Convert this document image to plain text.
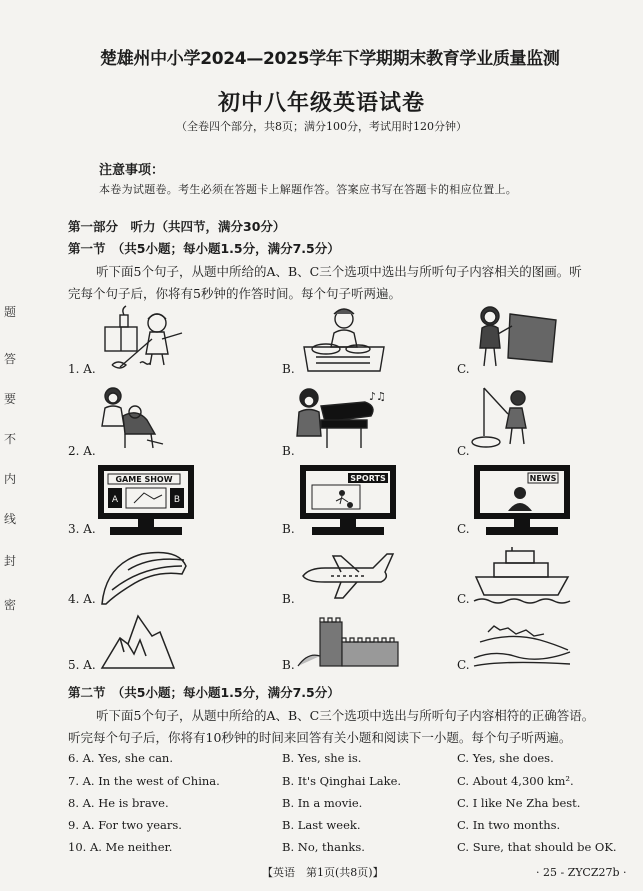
楚雄州中小学2024—2025学年下学期期末教育学业质量监测
初中八年级英语试卷
（全卷四个部分，共8页；满分100分，考试用时120分钟）
注意事项：
本卷为试题卷。考生必须在答题卡上解题作答。答案应书写在答题卡的相应位置上。
第一部分　听力（共四节，满分30分）
第一节　（共5小题；每小题1.5分，满分7.5分）
听下面5个句子，从题中所给的A、B、C三个选项中选出与所听句子内容相关的图画。听
完每个句子后，你将有5秒钟的作答时间。每个句子听两遍。
题
答
要
不
内
线
封
密
1. A.	B.	C.
2. A.	B.	C.
3. A.	B.	C.
4. A.	B.	C.
5. A.	B.	C.
♪♫
GAME SHOW
A	B
SPORTS	NEWS
第二节　（共5小题；每小题1.5分，满分7.5分）
听下面5个句子，从题中所给的A、B、C三个选项中选出与所听句子内容相符的正确答语。
听完每个句子后，你将有10秒钟的时间来回答有关小题和阅读下一小题。每个句子听两遍。
6. A. Yes, she can.	B. Yes, she is.	C. Yes, she does.
7. A. In the west of China.	B. It's Qinghai Lake.	C. About 4,300 km².
8. A. He is brave.	B. In a movie.	C. I like Ne Zha best.
9. A. For two years.	B. Last week.	C. In two months.
10. A. Me neither.	B. No, thanks.	C. Sure, that should be OK.
【英语　第1页(共8页)】	· 25 - ZYCZ27b ·
